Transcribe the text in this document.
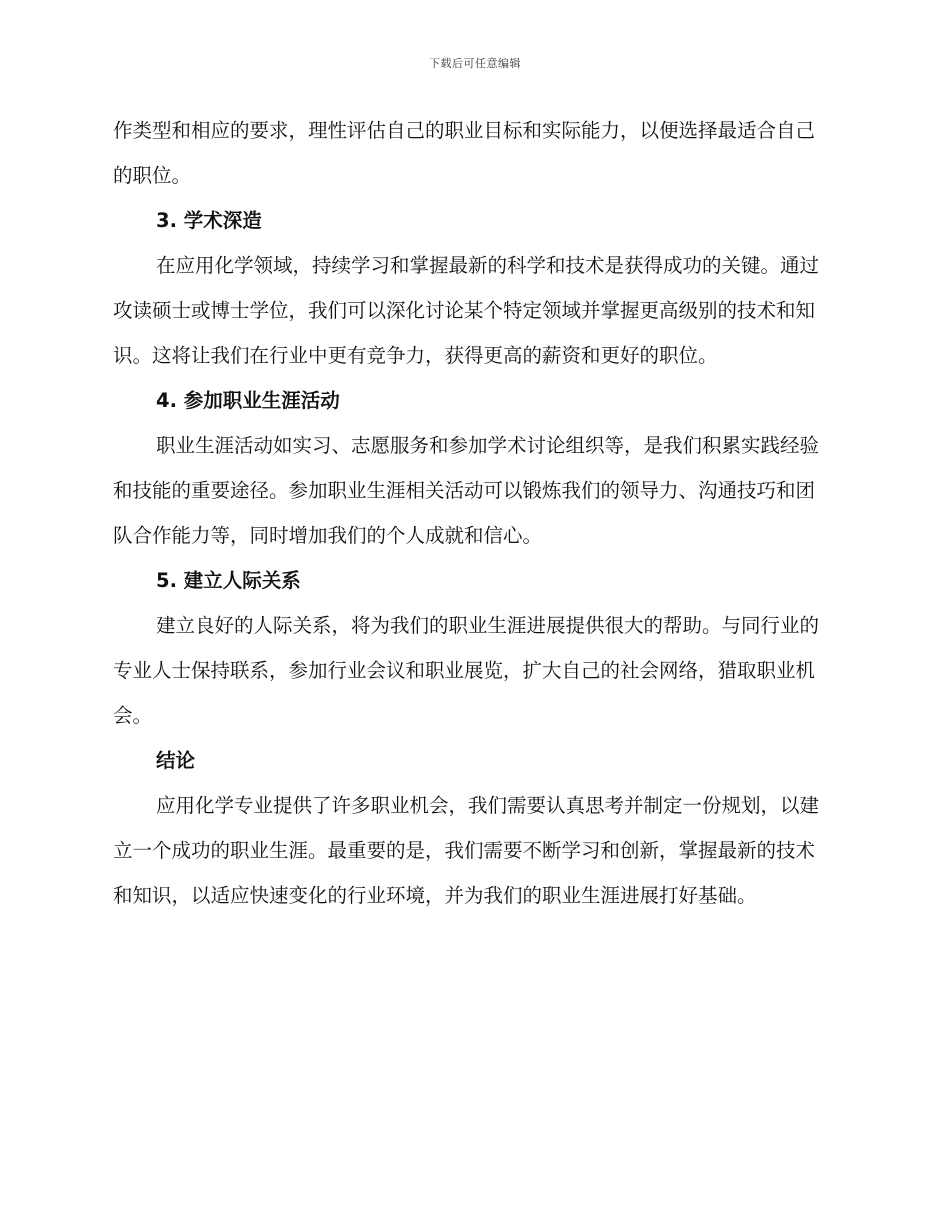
下载后可任意编辑

作类型和相应的要求，理性评估自己的职业目标和实际能力，以便选择最适合自己的职位。

3. 学术深造

在应用化学领域，持续学习和掌握最新的科学和技术是获得成功的关键。通过攻读硕士或博士学位，我们可以深化讨论某个特定领域并掌握更高级别的技术和知识。这将让我们在行业中更有竞争力，获得更高的薪资和更好的职位。

4. 参加职业生涯活动

职业生涯活动如实习、志愿服务和参加学术讨论组织等，是我们积累实践经验和技能的重要途径。参加职业生涯相关活动可以锻炼我们的领导力、沟通技巧和团队合作能力等，同时增加我们的个人成就和信心。

5. 建立人际关系

建立良好的人际关系，将为我们的职业生涯进展提供很大的帮助。与同行业的专业人士保持联系，参加行业会议和职业展览，扩大自己的社会网络，猎取职业机会。

结论

应用化学专业提供了许多职业机会，我们需要认真思考并制定一份规划，以建立一个成功的职业生涯。最重要的是，我们需要不断学习和创新，掌握最新的技术和知识，以适应快速变化的行业环境，并为我们的职业生涯进展打好基础。
